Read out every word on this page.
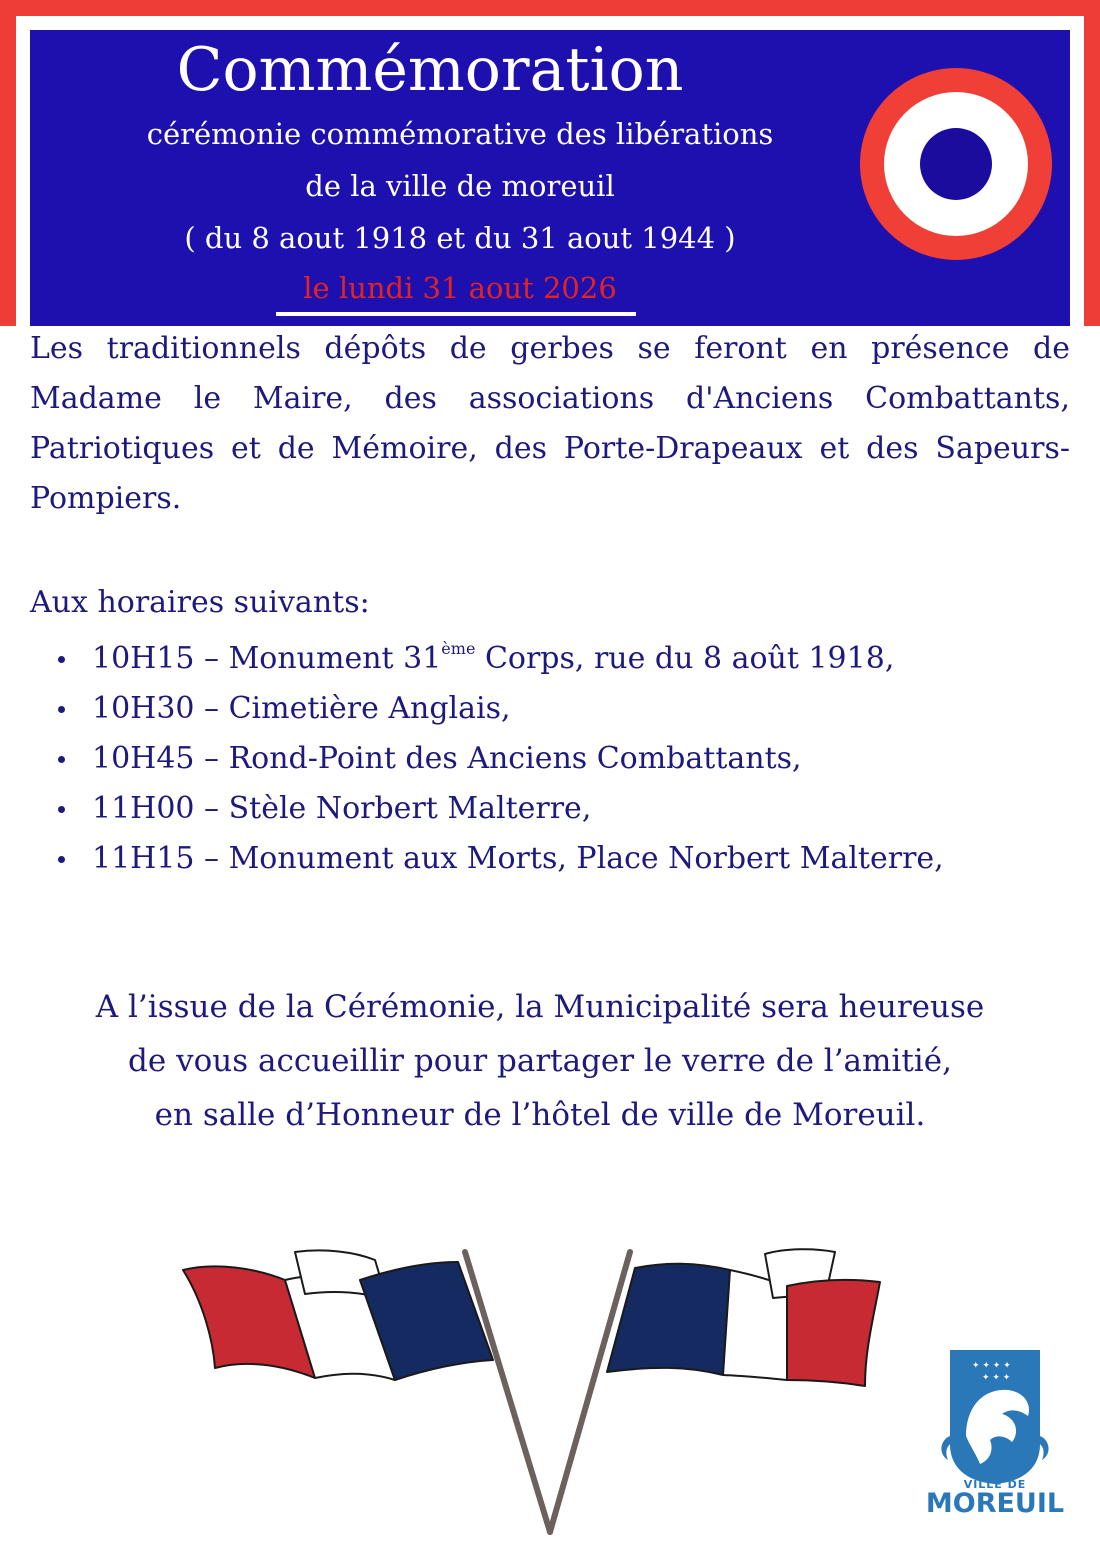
Commémoration
cérémonie commémorative des libérations
de la ville de moreuil
( du 8 aout 1918 et du 31 aout 1944 )
le lundi 31 aout 2026

Les traditionnels dépôts de gerbes se feront en présence de Madame le Maire, des associations d'Anciens Combattants, Patriotiques et de Mémoire, des Porte-Drapeaux et des Sapeurs-Pompiers.

Aux horaires suivants:
10H15 – Monument 31ème Corps, rue du 8 août 1918,
10H30 – Cimetière Anglais,
10H45 – Rond-Point des Anciens Combattants,
11H00 – Stèle Norbert Malterre,
11H15 – Monument aux Morts, Place Norbert Malterre,
A l’issue de la Cérémonie, la Municipalité sera heureuse
de vous accueillir pour partager le verre de l’amitié,
en salle d’Honneur de l’hôtel de ville de Moreuil.
✦ ✦ ✦ ✦
✦ ✦ ✦
VILLE DE
MOREUIL
